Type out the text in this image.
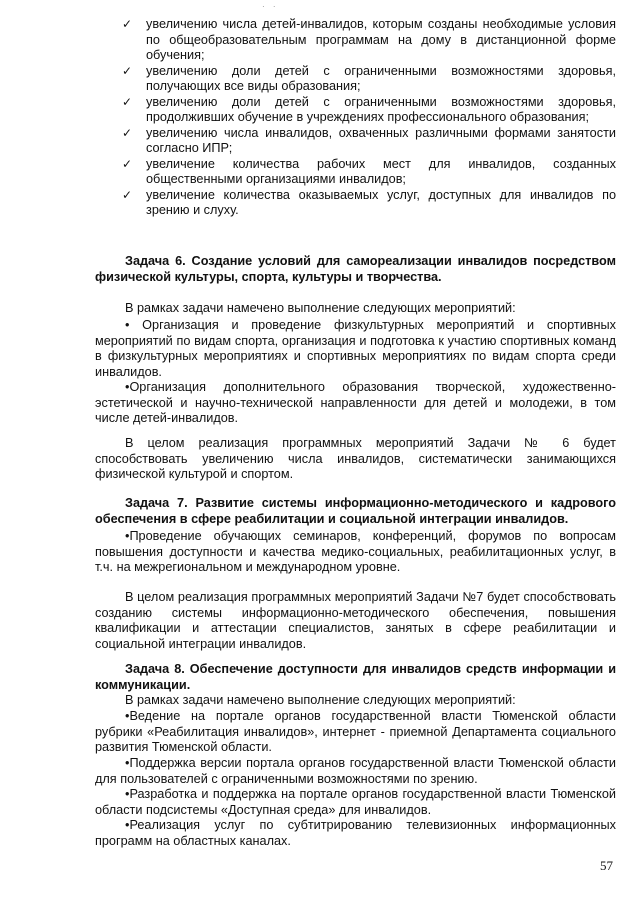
· ·
✓ увеличению числа детей-инвалидов, которым созданы необходимые условия по общеобразовательным программам на дому в дистанционной форме обучения;
✓ увеличению доли детей с ограниченными возможностями здоровья, получающих все виды образования;
✓ увеличению доли детей с ограниченными возможностями здоровья, продолживших обучение в учреждениях профессионального образования;
✓ увеличению числа инвалидов, охваченных различными формами занятости согласно ИПР;
✓ увеличение количества рабочих мест для инвалидов, созданных общественными организациями инвалидов;
✓ увеличение количества оказываемых услуг, доступных для инвалидов по зрению и слуху.
Задача 6. Создание условий для самореализации инвалидов посредством физической культуры, спорта, культуры и творчества.
В рамках задачи намечено выполнение следующих мероприятий:
• Организация и проведение физкультурных мероприятий и спортивных мероприятий по видам спорта, организация и подготовка к участию спортивных команд в физкультурных мероприятиях и спортивных мероприятиях по видам спорта среди инвалидов.
•Организация дополнительного образования творческой, художественно-эстетической и научно-технической направленности для детей и молодежи, в том числе детей-инвалидов.
В целом реализация программных мероприятий Задачи № 6 будет способствовать увеличению числа инвалидов, систематически занимающихся физической культурой и спортом.
Задача 7. Развитие системы информационно-методического и кадрового обеспечения в сфере реабилитации и социальной интеграции инвалидов.
•Проведение обучающих семинаров, конференций, форумов по вопросам повышения доступности и качества медико-социальных, реабилитационных услуг, в т.ч. на межрегиональном и международном уровне.
В целом реализация программных мероприятий Задачи №7 будет способствовать созданию системы информационно-методического обеспечения, повышения квалификации и аттестации специалистов, занятых в сфере реабилитации и социальной интеграции инвалидов.
Задача 8. Обеспечение доступности для инвалидов средств информации и коммуникации.
В рамках задачи намечено выполнение следующих мероприятий:
•Ведение на портале органов государственной власти Тюменской области рубрики «Реабилитация инвалидов», интернет - приемной Департамента социального развития Тюменской области.
•Поддержка версии портала органов государственной власти Тюменской области для пользователей с ограниченными возможностями по зрению.
•Разработка и поддержка на портале органов государственной власти Тюменской области подсистемы «Доступная среда» для инвалидов.
•Реализация услуг по субтитрированию телевизионных информационных программ на областных каналах.
57
